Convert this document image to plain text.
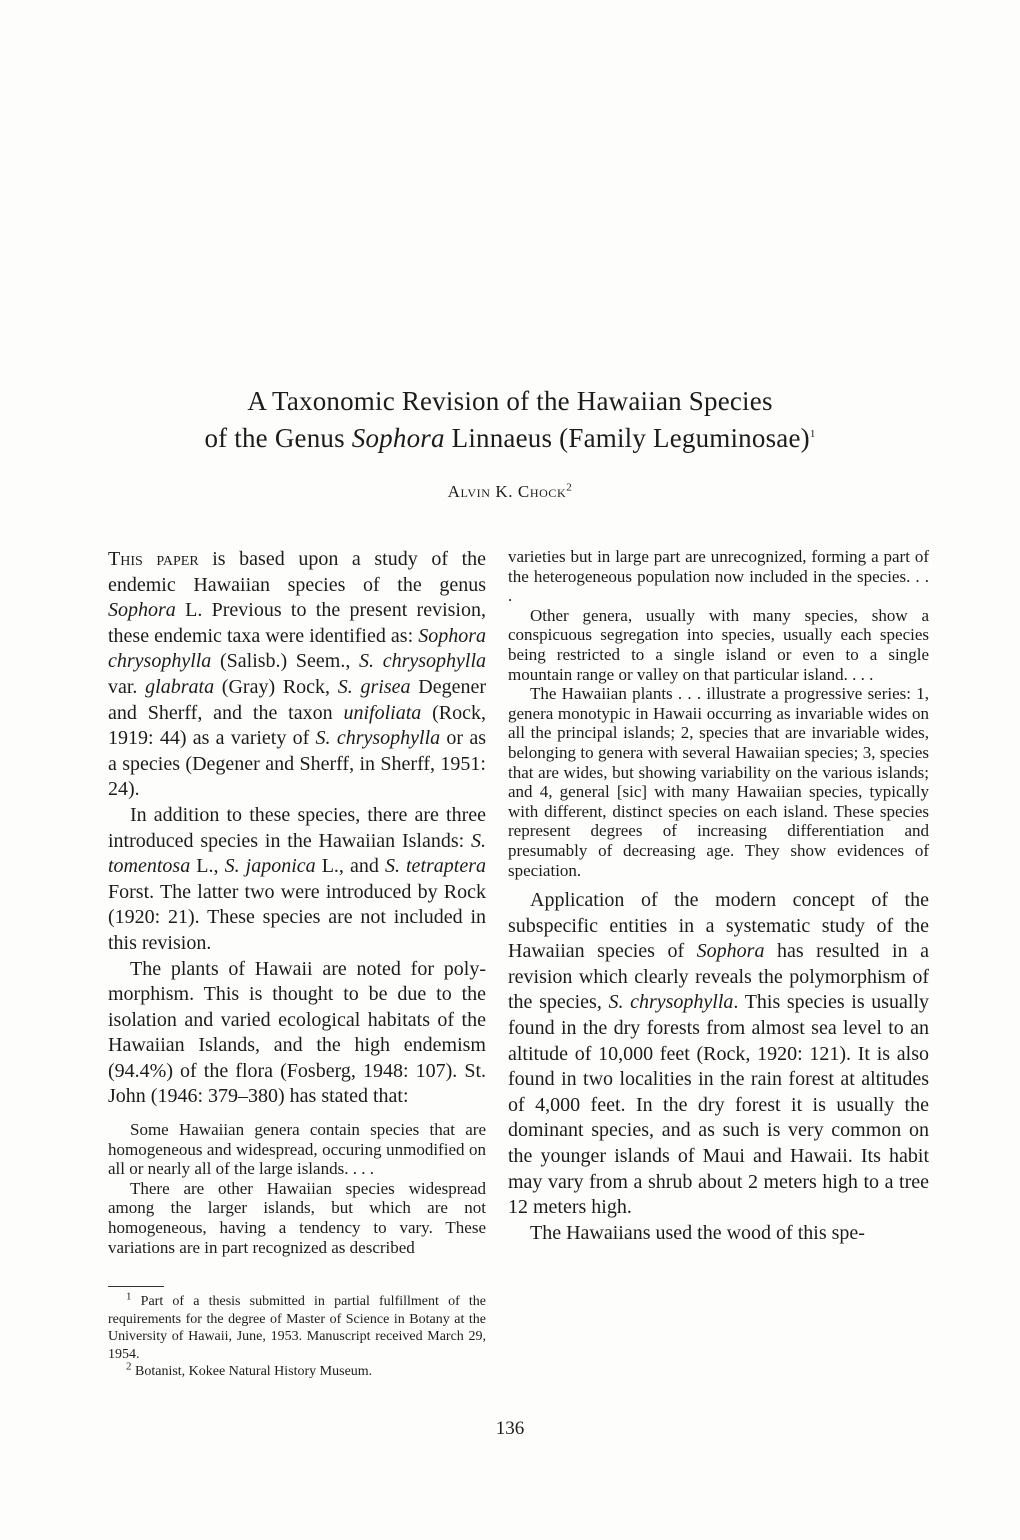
A Taxonomic Revision of the Hawaiian Species
of the Genus Sophora Linnaeus (Family Leguminosae)$^1$
Alvin K. Chock$^2$

This paper is based upon a study of the endemic Hawaiian species of the genus Sophora L. Previous to the present revision, these endemic taxa were identified as: Sophora chrysophylla (Salisb.) Seem., S. chrysophylla var. glabrata (Gray) Rock, S. grisea Degener and Sherff, and the taxon unifoliata (Rock, 1919: 44) as a variety of S. chrysophylla or as a species (Degener and Sherff, in Sherff, 1951: 24).

In addition to these species, there are three introduced species in the Hawaiian Islands: S. tomentosa L., S. japonica L., and S. tetraptera Forst. The latter two were introduced by Rock (1920: 21). These species are not included in this revision.

The plants of Hawaii are noted for polymorphism. This is thought to be due to the isolation and varied ecological habitats of the Hawaiian Islands, and the high endemism (94.4%) of the flora (Fosberg, 1948: 107). St. John (1946: 379–380) has stated that:

Some Hawaiian genera contain species that are homogeneous and widespread, occuring unmodified on all or nearly all of the large islands. . . .

There are other Hawaiian species widespread among the larger islands, but which are not homogeneous, having a tendency to vary. These variations are in part recognized as described

varieties but in large part are unrecognized, forming a part of the heterogeneous population now included in the species. . . .

Other genera, usually with many species, show a conspicuous segregation into species, usually each species being restricted to a single island or even to a single mountain range or valley on that particular island. . . .

The Hawaiian plants . . . illustrate a progressive series: 1, genera monotypic in Hawaii occurring as invariable wides on all the principal islands; 2, species that are invariable wides, belonging to genera with several Hawaiian species; 3, species that are wides, but showing variability on the various islands; and 4, general [sic] with many Hawaiian species, typically with different, distinct species on each island. These species represent degrees of increasing differentiation and presumably of decreasing age. They show evidences of speciation.

Application of the modern concept of the subspecific entities in a systematic study of the Hawaiian species of Sophora has resulted in a revision which clearly reveals the polymorphism of the species, S. chrysophylla. This species is usually found in the dry forests from almost sea level to an altitude of 10,000 feet (Rock, 1920: 121). It is also found in two localities in the rain forest at altitudes of 4,000 feet. In the dry forest it is usually the dominant species, and as such is very common on the younger islands of Maui and Hawaii. Its habit may vary from a shrub about 2 meters high to a tree 12 meters high.

The Hawaiians used the wood of this spe-

$^1$ Part of a thesis submitted in partial fulfillment of the requirements for the degree of Master of Science in Botany at the University of Hawaii, June, 1953. Manuscript received March 29, 1954.

$^2$ Botanist, Kokee Natural History Museum.

136
